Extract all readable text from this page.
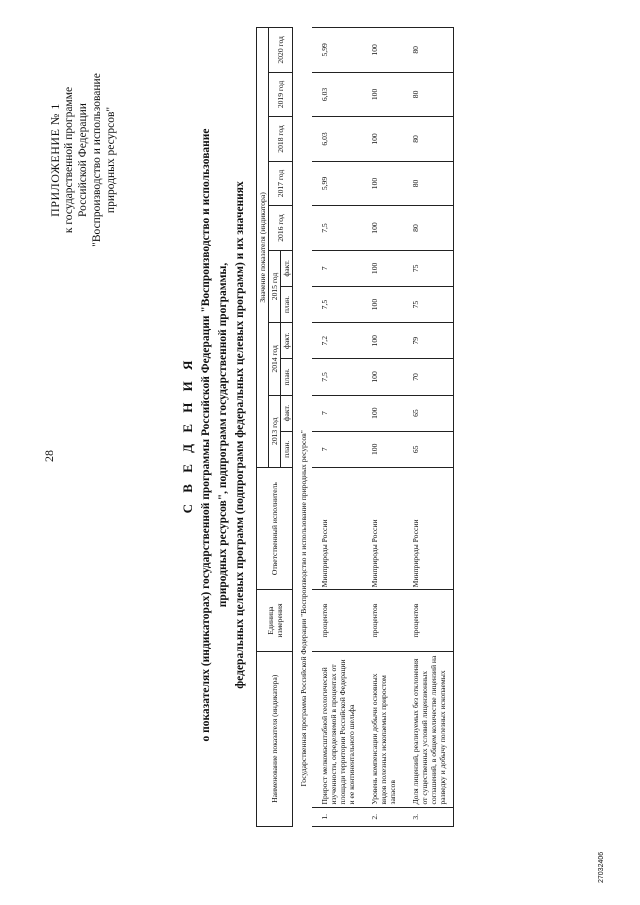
28
ПРИЛОЖЕНИЕ № 1 к государственной программе Российской Федерации "Воспроизводство и использование природных ресурсов"
С В Е Д Е Н И Я о показателях (индикаторах) государственной программы Российской Федерации "Воспроизводство и использование природных ресурсов", подпрограмм государственной программы, федеральных целевых программ (подпрограмм федеральных целевых программ) и их значениях
Наименование показателя (индикатора)		Единица измерения	Ответственный исполнитель	Значение показателя (индикатора)										
				2013 год		2014 год		2015 год		2016 год	2017 год	2018 год	2019 год	2020 год
				план.	факт.	план.	факт.	план.	факт.					
Государственная программа Российской Федерации "Воспроизводство и использование природных ресурсов"														
1.	Прирост мелкомасштабной геологической изученности, определяемой в процентах от площади территории Российской Федерации и ее континентального шельфа	процентов	Минприроды России	7	7	7,5	7,2	7,5	7	7,5	5,99	6,03	6,03	5,99
2.	Уровень компенсации добычи основных видов полезных ископаемых приростом запасов	процентов	Минприроды России	100	100	100	100	100	100	100	100	100	100	100
3.	Доля лицензий, реализуемых без отклонения от существенных условий лицензионных соглашений, в общем количестве лицензий на разведку и добычу полезных ископаемых	процентов	Минприроды России	65	65	70	79	75	75	80	80	80	80	80
27032406
